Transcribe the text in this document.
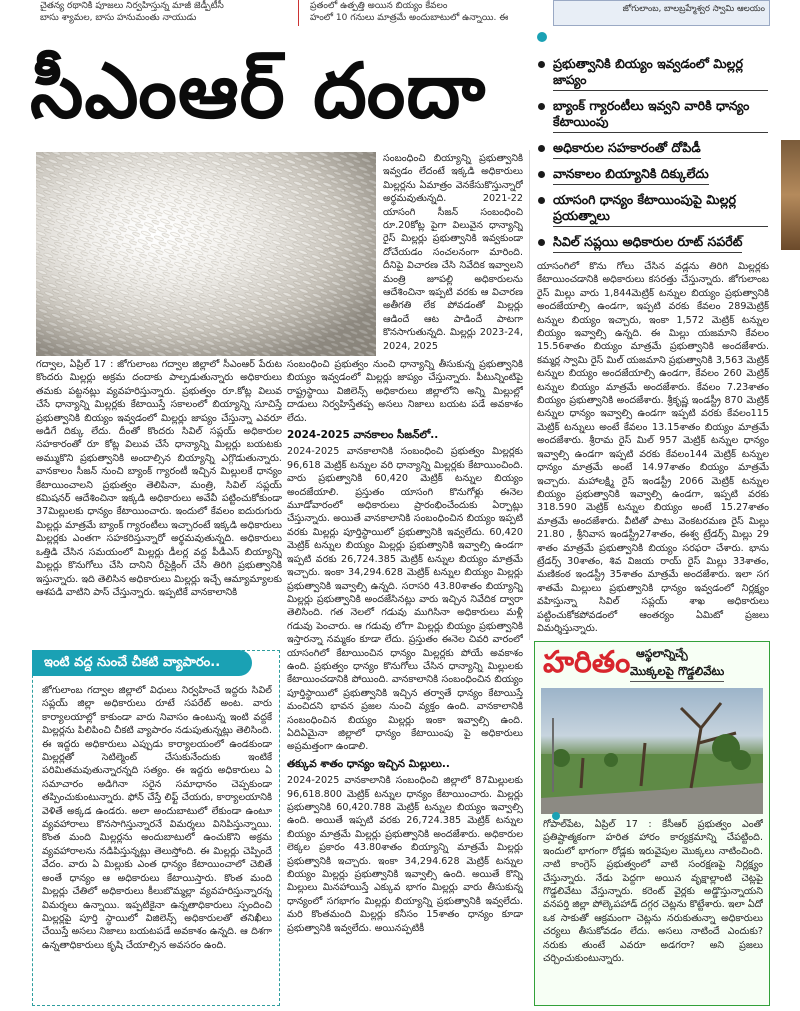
చైతన్య రథానికి పూజలు నిర్వహిస్తున్న మాజీ జెడ్పీటీసీ
బాసు శ్యామల, బాసు హనుమంతు నాయుడు
ప్రతంలో ఉత్పత్తి అయిన బియ్యం కేవలం
హంలో 10 గనులు మాత్రమే అందుబాటులో ఉన్నాయి. ఈ
జోగులాంబ, బాలబ్రహ్మేశ్వర స్వామి ఆలయం
సీఎంఆర్ దందా	ప్రభుత్వానికి బియ్యం ఇవ్వడంలో మిల్లర్ల జాప్యం
బ్యాంక్ గ్యారంటీలు ఇవ్వని వారికి ధాన్యం కేటాయింపు
అధికారుల సహకారంతో దోపిడీ
వానకాలం బియ్యానికి దిక్కులేదు
యాసంగి ధాన్యం కేటాయింపుపై మిల్లర్ల ప్రయత్నాలు
సివిల్ సప్లయి అధికారుల రూట్ సపరేట్
సంబంధించి బియ్యాన్ని ప్రభుత్వానికి ఇవ్వడం లేదంటే ఇక్కడి అధికారులు మిల్లర్లను ఏమాత్రం వెనకేసుకొస్తున్నారో అర్థమవుతున్నది. 2021-22 యాసంగి సీజన్ సంబంధించి రూ.20కోట్ల పైగా విలువైన ధాన్యాన్ని రైస్ మిల్లర్లు ప్రభుత్వానికి ఇవ్వకుండా దోచేయడం సంచలనంగా మారింది. దీనిపై విచారణ చేసి నివేదిక ఇవ్వాలని మంత్రి జూపల్లి అధికారులను ఆదేశించినా ఇప్పటి వరకు ఆ విచారణ అతీగతి లేక పోవడంతో మిల్లర్లు ఆడిందే ఆట పాడిందే పాటగా కొనసాగుతున్నది. మిల్లర్లు 2023-24, 2024, 2025
గద్వాల, ఏప్రిల్ 17 : జోగులాంబ గద్వాల జిల్లాలో సీఎంఆర్ పేరుట కొందరు మిల్లర్లు అక్రమ దందాకు పాల్పడుతున్నారు అధికారులు తమకు పట్టనట్లు వ్యవహరిస్తున్నారు. ప్రభుత్వం రూ.కోట్ల విలువ చేసే ధాన్యాన్ని మిల్లర్లకు కేటాయిస్తే సకాలంలో బియ్యాన్ని సూచిస్తే ప్రభుత్వానికి బియ్యం ఇవ్వడంలో మిల్లర్లు జాప్యం చేస్తున్నా ఎవరూ అడిగే దిక్కు లేదు. దీంతో కొందరు సివిల్ సప్లయ్ అధికారుల సహకారంతో రూ కోట్ల విలువ చేసే ధాన్యాన్ని మిల్లర్లు బయటకు అమ్ముకొని ప్రభుత్వానికి అందాల్సిన బియ్యాన్ని ఎగ్గొడుతున్నారు. వానకాలం సీజన్ నుంచి బ్యాంక్ గ్యారంటీ ఇచ్చిన మిల్లులకే ధాన్యం కేటాయించాలని ప్రభుత్వం తెలిపినా, మంత్రి, సివిల్ సప్లయ్ కమిషనర్ ఆదేశించినా ఇక్కడి అధికారులు అవేవీ పట్టించుకోకుండా 37మిల్లులకు ధాన్యం కేటాయించారు. ఇందులో కేవలం ఐదురుగురు మిల్లర్లు మాత్రమే బ్యాంక్ గ్యారంటీలు ఇచ్చారంటే ఇక్కడి అధికారులు మిల్లర్లకు ఎంతగా సహకరిస్తున్నారో అర్థమవుతున్నది. అధికారులు ఒత్తిడి చేసిన సమయంలో మిల్లర్లు డీలర్ల వద్ద పీడీఎస్ బియ్యాన్ని మిల్లర్లు కొనుగోలు చేసి దానిని రీసైక్లింగ్ చేసి తిరిగి ప్రభుత్వానికి ఇస్తున్నారు. ఇది తెలిసిన అధికారులు మిల్లర్లు ఇచ్చే ఆమ్యామ్యాలకు ఆశపడి వాటిని పాస్ చేస్తున్నారు. ఇప్పటికే వానకాలానికి

సంబంధించి ప్రభుత్వం నుంచి ధాన్యాన్ని తీసుకున్న ప్రభుత్వానికి బియ్యం ఇవ్వడంలో మిల్లర్లు జాప్యం చేస్తున్నారు. పీటున్నింటిపై రాష్ట్రస్థాయి విజిలెన్స్ అధికారులు జిల్లాలోని అన్ని మిల్లుల్లో దాడులు నిర్వహిస్తేతప్ప అసలు నిజాలు బయట పడే అవకాశం లేదు.

2024-2025 వానకాలం సీజన్‌లో..

2024-2025 వానకాలానికి సంబంధించి ప్రభుత్వం మిల్లర్లకు 96,618 మెట్రిక్ టన్నుల వరి ధాన్యాన్ని మిల్లర్లకు కేటాయించింది. వారు ప్రభుత్వానికి 60,420 మెట్రిక్ టన్నుల బియ్యం అందజేయాలి. ప్రస్తుతం యాసంగి కొనుగోళ్లు ఈనెల మూడోవారంలో అధికారులు ప్రారంభించేందుకు ఏర్పాట్లు చేస్తున్నారు. అయితే వానకాలానికి సంబంధించిన బియ్యం ఇప్పటి వరకు మిల్లర్లు పూర్తిస్థాయిలో ప్రభుత్వానికి ఇవ్వలేదు. 60,420 మెట్రిక్ టన్నుల బియ్యం మిల్లర్లు ప్రభుత్వానికి ఇవ్వాల్సి ఉండగా ఇప్పటి వరకు 26,724.385 మెట్రిక్ టన్నుల బియ్యం మాత్రమే ఇచ్చారు. ఇంకా 34,294.628 మెట్రిక్ టన్నుల బియ్యం మిల్లర్లు ప్రభుత్వానికి ఇవ్వాల్సి ఉన్నది. సరాసరి 43.80శాతం బియ్యాన్ని మిల్లర్లు ప్రభుత్వానికి అందజేసినట్లు వారు ఇచ్చిన నివేదిక ద్వారా తెలిసింది. గత నెలలో గడువు ముగిసినా అధికారులు మళ్లీ గడువు పెంచారు. ఆ గడువు లోగా మిల్లర్లు బియ్యం ప్రభుత్వానికి ఇస్తారన్నా నమ్మకం కూడా లేదు. ప్రస్తుతం ఈనెల చివరి వారంలో యాసంగిలో కేటాయించిన ధాన్యం మిల్లర్లకు పోయే అవకాశం ఉంది. ప్రభుత్వం ధాన్యం కొనుగోలు చేసిన ధాన్యాన్ని మిల్లులకు కేటాయించడానికి పోయింది. వానకాలానికి సంబంధించిన బియ్యం పూర్తిస్థాయిలో ప్రభుత్వానికి ఇచ్చిన తర్వాతే ధాన్యం కేటాయిస్తే మంచిదని భావన ప్రజల నుంచి వ్యక్తం ఉంది. వానకాలానికి సంబంధించిన బియ్యం మిల్లర్లు ఇంకా ఇవ్వాల్సి ఉంది. ఏదిఏమైనా జిల్లాలో ధాన్యం కేటాయింపు పై అధికారులు అప్రమత్తంగా ఉండాలి.

తక్కువ శాతం ధాన్యం ఇచ్చిన మిల్లులు..

2024-2025 వానకాలానికి సంబంధించి జిల్లాలో 87మిల్లులకు 96,618.800 మెట్రిక్ టన్నుల ధాన్యం కేటాయించారు. మిల్లర్లు ప్రభుత్వానికి 60,420.788 మెట్రిక్ టన్నుల బియ్యం ఇవ్వాల్సి ఉంది. అయితే ఇప్పటి వరకు 26,724.385 మెట్రిక్ టన్నుల బియ్యం మాత్రమే మిల్లర్లు ప్రభుత్వానికి అందజేశారు. అధికారుల లెక్కల ప్రకారం 43.80శాతం బియ్యాన్ని మాత్రమే మిల్లర్లు ప్రభుత్వానికి ఇచ్చారు. ఇంకా 34,294.628 మెట్రిక్ టన్నుల బియ్యం మిల్లర్లు ప్రభుత్వానికి ఇవ్వాల్సి ఉంది. అయితే కొన్ని మిల్లులు మినహాయిస్తే ఎక్కువ భాగం మిల్లర్లు వారు తీసుకున్న ధాన్యంలో సగభాగం మిల్లర్లు బియ్యాన్ని ప్రభుత్వానికి ఇవ్వలేదు. మరి కొంతమంది మిల్లర్లు కనీసం 15శాతం ధాన్యం కూడా ప్రభుత్వానికి ఇవ్వలేదు. అయినప్పటికీ

యాసంగిలో కొను గోలు చేసిన వడ్లను తిరిగి మిల్లర్లకు కేటాయించడానికి అధికారులు కసరత్తు చేస్తున్నారు. జోగులాంబ రైస్ మిల్లు వారు 1,844మెట్రిక్ టన్నుల బియ్యం ప్రభుత్వానికి అందజేయాల్సి ఉండగా, ఇప్పటి వరకు కేవలం 289మెట్రిక్ టన్నుల బియ్యం ఇచ్చారు, ఇంకా 1,572 మెట్రిక్ టన్నుల బియ్యం ఇవ్వాల్సి ఉన్నది. ఈ మిల్లు యజమాని కేవలం 15.56శాతం బియ్యం మాత్రమే ప్రభుత్వానికి అందజేశారు. కమ్మర్ల స్వామి రైస్ మిల్ యజమాని ప్రభుత్వానికి 3,563 మెట్రిక్ టన్నుల బియ్యం అందజేయాల్సి ఉండగా, కేవలం 260 మెట్రిక్ టన్నుల బియ్యం మాత్రమే అందజేశారు. కేవలం 7.23శాతం బియ్యం ప్రభుత్వానికి అందజేశారు. శ్రీకృష్ణ ఇండస్ట్రీ 870 మెట్రిక్ టన్నుల ధాన్యం ఇవ్వాల్సి ఉండగా ఇప్పటి వరకు కేవలం115 మెట్రిక్ టన్నులు అంటే కేవలం 13.15శాతం బియ్యం మాత్రమే అందజేశారు. శ్రీరామ రైస్ మిల్ 957 మెట్రిక్ టన్నుల ధాన్యం ఇవ్వాల్సి ఉండగా ఇప్పటి వరకు కేవలం144 మెట్రిక్ టన్నుల ధాన్యం మాత్రమే అంటే 14.97శాతం బియ్యం మాత్రమే ఇచ్చారు. మహాలక్ష్మి రైస్ ఇండస్ట్రీ 2066 మెట్రిక్ టన్నుల బియ్యం ప్రభుత్వానికి ఇవ్వాల్సి ఉండగా, ఇప్పటి వరకు 318.590 మెట్రిక్ టన్నుల బియ్యం అంటే 15.27శాతం మాత్రమే అందజేశారు. వీటితో పాటు వెంకటరమణ రైస్ మిల్లు 21.80 , శ్రీనివాస ఇండస్ట్రీ27శాతం, ఈశ్వ ట్రేడర్స్ మిల్లు 29 శాతం మాత్రమే ప్రభుత్వానికి బియ్యం సరఫరా చేశారు. భాను ట్రేడర్స్ 30శాతం, శివ విజయ రాయ్ రైస్ మిల్లు 33శాతం, మణికంఠ ఇండస్ట్రీ 35శాతం మాత్రమే అందజేశారు. ఇలా సగ శాతమే మిల్లులు ప్రభుత్వానికి ధాన్యం ఇవ్వడంలో నిర్లక్ష్యం వహిస్తున్నా సివిల్ సప్లయ్ శాఖ అధికారులు పట్టించుకోకపోవడంలో ఆంతర్యం ఏమిటో ప్రజలు విమర్శిస్తున్నారు.
ఇంటి వద్ద నుంచే చీకటి వ్యాపారం..
జోగులాంబ గద్వాల జిల్లాలో విధులు నిర్వహించే ఇద్దరు సివిల్ సప్లయ్ జిల్లా అధికారులు రూటే సపరేట్ అంట. వారు కార్యాలయాల్లో కాకుండా వారు నివాసం ఉంటున్న ఇంటి వద్దకే మిల్లర్లను పిలిపించి చీకటి వ్యాపారం నడుపుతున్నట్లు తెలిసింది. ఈ ఇద్దరు అధికారులు ఎప్పుడు కార్యాలయంలో ఉండకుండా మిల్లర్లతో సెటిల్మెంట్ చేసుకునేందుకు ఇంటికే పరిమితమవుతున్నారన్నది సత్యం. ఈ ఇద్దరు అధికారులు ఏ సమాచారం అడిగినా సరైన సమాధానం చెప్పకుండా తప్పించుకుంటున్నారు. ఫోన్ చేస్తే లిఫ్ట్ చేయరు, కార్యాలయానికి వెళితే అక్కడ ఉండరు. అలా అందుబాటులో లేకుండా ఉంటూ వ్యవహారాలు కొనసాగిస్తున్నారనే విమర్శలు వినిపిస్తున్నాయి. కొంత మంది మిల్లర్లను అందుబాటులో ఉంచుకొని అక్రమ వ్యవహారాలను నడిపిస్తున్నట్లు తెలుస్తోంది. ఈ మిల్లర్లు చెప్పిందే వేదం. వారు ఏ మిల్లుకు ఎంత ధాన్యం కేటాయించాలో చెబితే అంతే ధాన్యం ఆ అధికారులు కేటాయిస్తారు. కొంత మంది మిల్లర్లు చేతిలో అధికారులు కీలుబొమ్మల్లా వ్యవహరిస్తున్నారన్న విమర్శలు ఉన్నాయి. ఇప్పటికైనా ఉన్నతాధికారులు స్పందించి మిల్లర్లపై పూర్తి స్థాయిలో విజిలెన్స్ అధికారులతో తనిఖీలు చేయిస్తే అసలు నిజాలు బయటపడే అవకాశం ఉన్నది. ఆ దిశగా ఉన్నతాధికారులు కృషి చేయాల్సిన అవసరం ఉంది.
హరితం ఆస్థలాన్నిచ్చే
మొక్కలపై గొడ్డలివేటు
గోపాల్‌పేట, ఏప్రిల్ 17 : కేసీఆర్ ప్రభుత్వం ఎంతో ప్రతిష్టాత్మకంగా హరిత హారం కార్యక్రమాన్ని చేపట్టింది. ఇందులో భాగంగా రోడ్లకు ఇరువైపుల మొక్కలు నాటించింది. నాటి కాంగ్రెస్ ప్రభుత్వంలో వాటి సంరక్షణపై నిర్లక్ష్యం చేస్తున్నారు. నేడు పెద్దగా అయిన వృక్షాల్లాంటి చెట్లపై గొడ్డలివేటు వేస్తున్నారు. కరెంట్ వైర్లకు అడ్డొస్తున్నాయని వనపర్తి జిల్లా పోల్కెపహాడ్ దగ్గర చెట్లను కొట్టేశారు. ఇలా ఏదో ఒక సాకుతో ఆక్రమంగా చెట్లను నరుకుతున్నా అధికారులు చర్యలు తీసుకోవడం లేదు. అసలు నాటిందే ఎందుకు? నరుకు తుంటే ఎవరూ అడగరా? అని ప్రజలు చర్చించుకుంటున్నారు.
